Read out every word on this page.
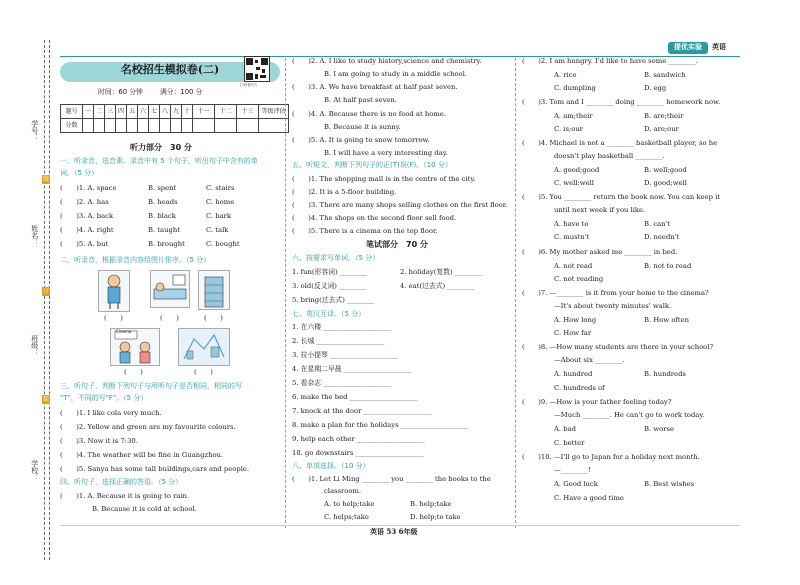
学号：
姓名：
班级：
学校：
线
订
装
提优实验	英语
名校招生模拟卷(二)
扫码看听力
时间：60 分钟	满分：100 分
题号	一	二	三	四	五	六	七	八	九	十	十一	十二	十三	等级评估
分数														
听力部分　30 分
一、听录音，选音素。录音中有 5 个句子，听出句子中含有的单
词。（5 分）
(　　)1. A. space	B. spent	C. stairs
(　　)2. A. has	B. heads	C. home
(　　)3. A. back	B. black	C. bark
(　　)4. A. right	B. taught	C. talk
(　　)5. A. but	B. brought	C. bought
二、听录音，根据录音内容给图片排序。（5 分）
Cinema
(　　)	(　　)	(　　)
(　　)	(　　)
三、听句子，判断下列句子与所听句子是否相同，相同的写
"T"，不同的写"F"。（5 分）
(　　)1. I like cola very much.
(　　)2. Yellow and green are my favourite colours.
(　　)3. Now it is 7:30.
(　　)4. The weather will be fine in Guangzhou.
(　　)5. Sanya has some tall buildings,cars and people.
四、听句子，选择正确的答语。（5 分）
(　　)1. A. Because it is going to rain.
B. Because it is cold at school.
(　　)2. A. I like to study history,science and chemistry.
B. I am going to study in a middle school.
(　　)3. A. We have breakfast at half past seven.
B. At half past seven.
(　　)4. A. Because there is no food at home.
B. Because it is sunny.
(　　)5. A. It is going to snow tomorrow.
B. I will have a very interesting day.
五、听短文，判断下列句子的正(T)误(F)。（10 分）
(　　)1. The shopping mall is in the centre of the city.
(　　)2. It is a 5-floor building.
(　　)3. There are many shops selling clothes on the first floor.
(　　)4. The shops on the second floor sell food.
(　　)5. There is a cinema on the top floor.
笔试部分　70 分
六、按要求写单词。（5 分）
1. fun(形容词) ________	2. holiday(复数) ________
3. old(反义词) ________	4. eat(过去式) ________
5. bring(过去式) ________
七、英汉互译。（5 分）
1. 在六楼 ____________________
2. 长城 ____________________
3. 拉小提琴 ____________________
4. 在星期二早晨 ____________________
5. 看杂志 ____________________
6. make the bed ____________________
7. knock at the door ____________________
8. make a plan for the holidays ____________________
9. help each other ____________________
10. go downstairs ____________________
八、单项选择。（10 分）
(　　)1. Let Li Ming ________ you ________ the books to the
classroom.
A. to help;take	B. help;take
C. helps;take	D. help;to take
(　　)2. I am hungry. I'd like to have some ________.
A. rice	B. sandwich
C. dumpling	D. egg
(　　)3. Tom and I ________ doing ________ homework now.
A. am;their	B. are;their
C. is;our	D. are;our
(　　)4. Michael is not a ________ basketball player, so he
doesn't play basketball ________.
A. good;good	B. well;good
C. well;well	D. good;well
(　　)5. You ________ return the book now. You can keep it
until next week if you like.
A. have to	B. can't
C. mustn't	D. needn't
(　　)6. My mother asked me ________ in bed.
A. not read	B. not to read
C. not reading
(　　)7. —________ is it from your home to the cinema?
—It's about twenty minutes' walk.
A. How long	B. How often
C. How far
(　　)8. —How many students are there in your school?
—About six ________.
A. hundred	B. hundreds
C. hundreds of
(　　)9. —How is your father feeling today?
—Much ________. He can't go to work today.
A. bad	B. worse
C. better
(　　)10. —I'll go to Japan for a holiday next month.
—________!
A. Good luck	B. Best wishes
C. Have a good time
英语 53 6年级
